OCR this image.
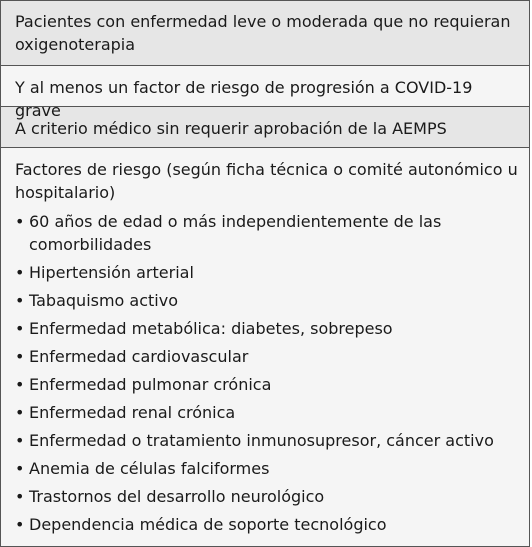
Pacientes con enfermedad leve o moderada que no requieran oxigenoterapia
Y al menos un factor de riesgo de progresión a COVID-19 grave
A criterio médico sin requerir aprobación de la AEMPS
Factores de riesgo (según ficha técnica o comité autonómico u hospitalario)
• 60 años de edad o más independientemente de las comorbilidades
• Hipertensión arterial
• Tabaquismo activo
• Enfermedad metabólica: diabetes, sobrepeso
• Enfermedad cardiovascular
• Enfermedad pulmonar crónica
• Enfermedad renal crónica
• Enfermedad o tratamiento inmunosupresor, cáncer activo
• Anemia de células falciformes
• Trastornos del desarrollo neurológico
• Dependencia médica de soporte tecnológico
